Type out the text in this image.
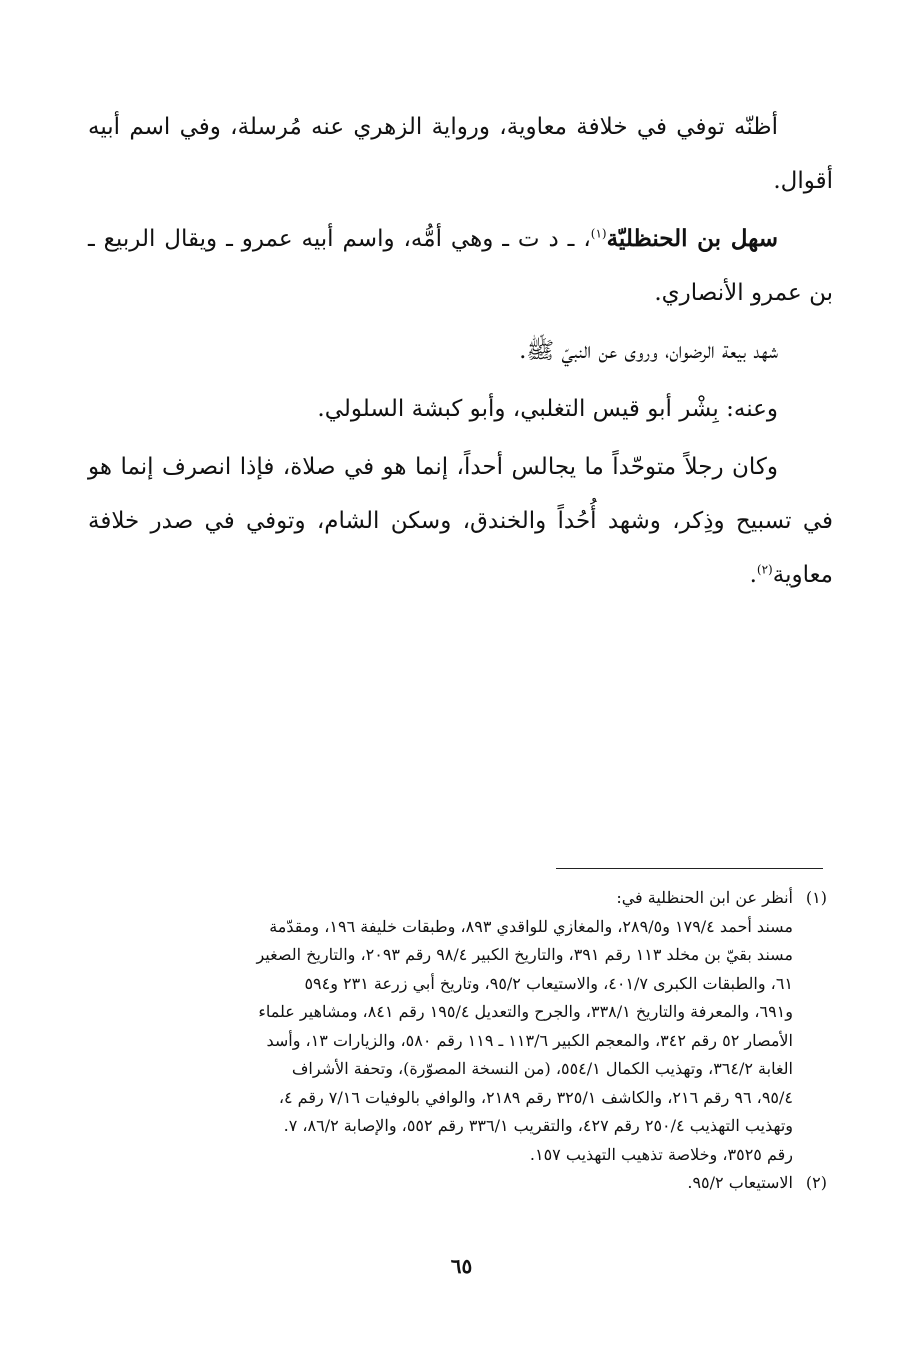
أظنّه توفي في خلافة معاوية، ورواية الزهري عنه مُرسلة، وفي اسم أبيه أقوال.

سهل بن الحنظليّة$^{(١)}$، ـ د ت ـ وهي أمُّه، واسم أبيه عمرو ـ ويقال الربيع ـ بن عمرو الأنصاري.

شهد بيعة الرضوان، وروى عن النبيّ ﷺ.

وعنه: بِشْر أبو قيس التغلبي، وأبو كبشة السلولي.

وكان رجلاً متوحّداً ما يجالس أحداً، إنما هو في صلاة، فإذا انصرف إنما هو في تسبيح وذِكر، وشهد أُحُداً والخندق، وسكن الشام، وتوفي في صدر خلافة معاوية$^{(٢)}$.

(١)
أنظر عن ابن الحنظلية في:
مسند أحمد ١٧٩/٤ و٢٨٩/٥، والمغازي للواقدي ٨٩٣، وطبقات خليفة ١٩٦، ومقدّمة
مسند بقيّ بن مخلد ١١٣ رقم ٣٩١، والتاريخ الكبير ٩٨/٤ رقم ٢٠٩٣، والتاريخ الصغير
٦١، والطبقات الكبرى ٤٠١/٧، والاستيعاب ٩٥/٢، وتاريخ أبي زرعة ٢٣١ و٥٩٤
و٦٩١، والمعرفة والتاريخ ٣٣٨/١، والجرح والتعديل ١٩٥/٤ رقم ٨٤١، ومشاهير علماء
الأمصار ٥٢ رقم ٣٤٢، والمعجم الكبير ١١٣/٦ ـ ١١٩ رقم ٥٨٠، والزيارات ١٣، وأسد
الغابة ٣٦٤/٢، وتهذيب الكمال ٥٥٤/١، (من النسخة المصوّرة)، وتحفة الأشراف
٩٥/٤، ٩٦ رقم ٢١٦، والكاشف ٣٢٥/١ رقم ٢١٨٩، والوافي بالوفيات ٧/١٦ رقم ٤،
وتهذيب التهذيب ٢٥٠/٤ رقم ٤٢٧، والتقريب ٣٣٦/١ رقم ٥٥٢، والإصابة ٨٦/٢، ٧.
رقم ٣٥٢٥، وخلاصة تذهيب التهذيب ١٥٧.
(٢)
الاستيعاب ٩٥/٢.
٦٥
